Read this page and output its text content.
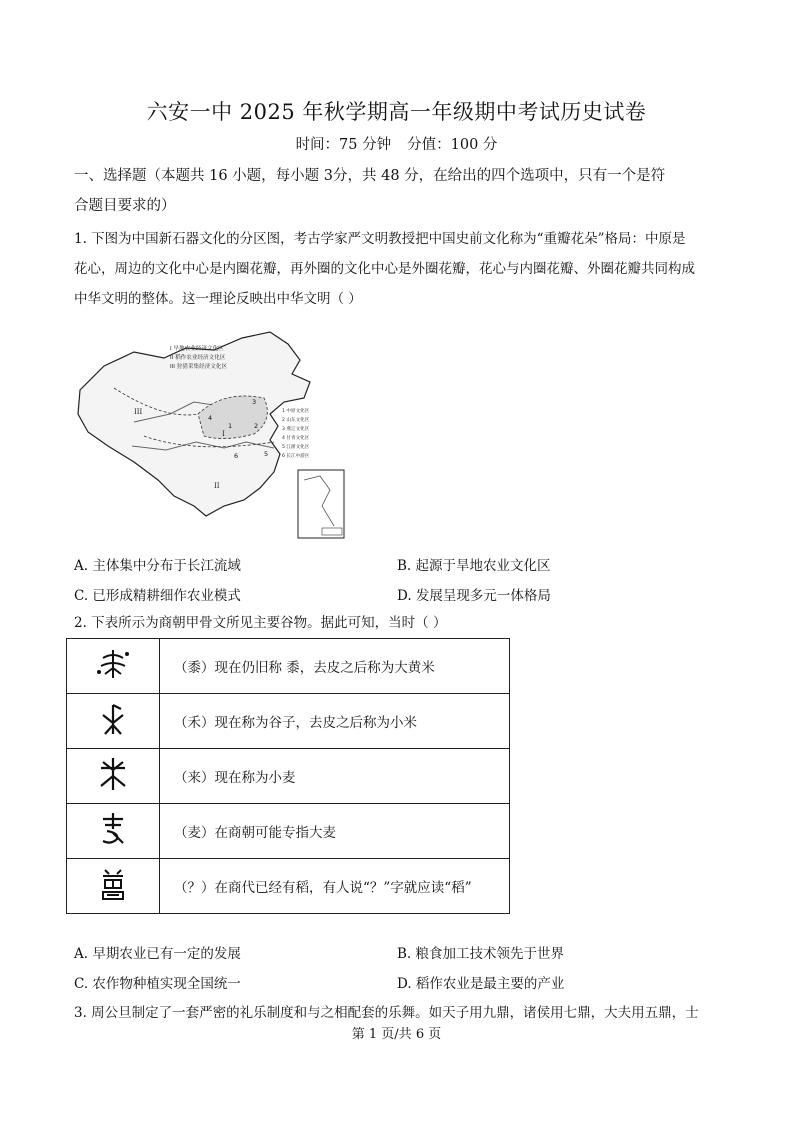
六安一中 2025 年秋学期高一年级期中考试历史试卷
时间：75 分钟 分值：100 分
一、选择题（本题共 16 小题，每小题 3分，共 48 分，在给出的四个选项中，只有一个是符
合题目要求的）
1. 下图为中国新石器文化的分区图，考古学家严文明教授把中国史前文化称为“重瓣花朵”格局：中原是
花心，周边的文化中心是内圈花瓣，再外圈的文化中心是外圈花瓣，花心与内圈花瓣、外圈花瓣共同构成
中华文明的整体。这一理论反映出中华文明（ ）
I 旱地农业经济文化区
II 稻作农业经济文化区
III 狩猎采集经济文化区
1 中原文化区
2 山东文化区
3 燕辽文化区
4 甘青文化区
5 江浙文化区
6 长江中游区
I
II
III
1	2
3
4
5
6
A. 主体集中分布于长江流域	B. 起源于旱地农业文化区
C. 已形成精耕细作农业模式	D. 发展呈现多元一体格局
2. 下表所示为商朝甲骨文所见主要谷物。据此可知，当时（ ）
	（黍）现在仍旧称 黍，去皮之后称为大黄米
	（禾）现在称为谷子，去皮之后称为小米
	（来）现在称为小麦
	（麦）在商朝可能专指大麦
	（？）在商代已经有稻，有人说“？”字就应读“稻”
A. 早期农业已有一定的发展	B. 粮食加工技术领先于世界
C. 农作物种植实现全国统一	D. 稻作农业是最主要的产业
3. 周公旦制定了一套严密的礼乐制度和与之相配套的乐舞。如天子用九鼎，诸侯用七鼎，大夫用五鼎，士
第 1 页/共 6 页
